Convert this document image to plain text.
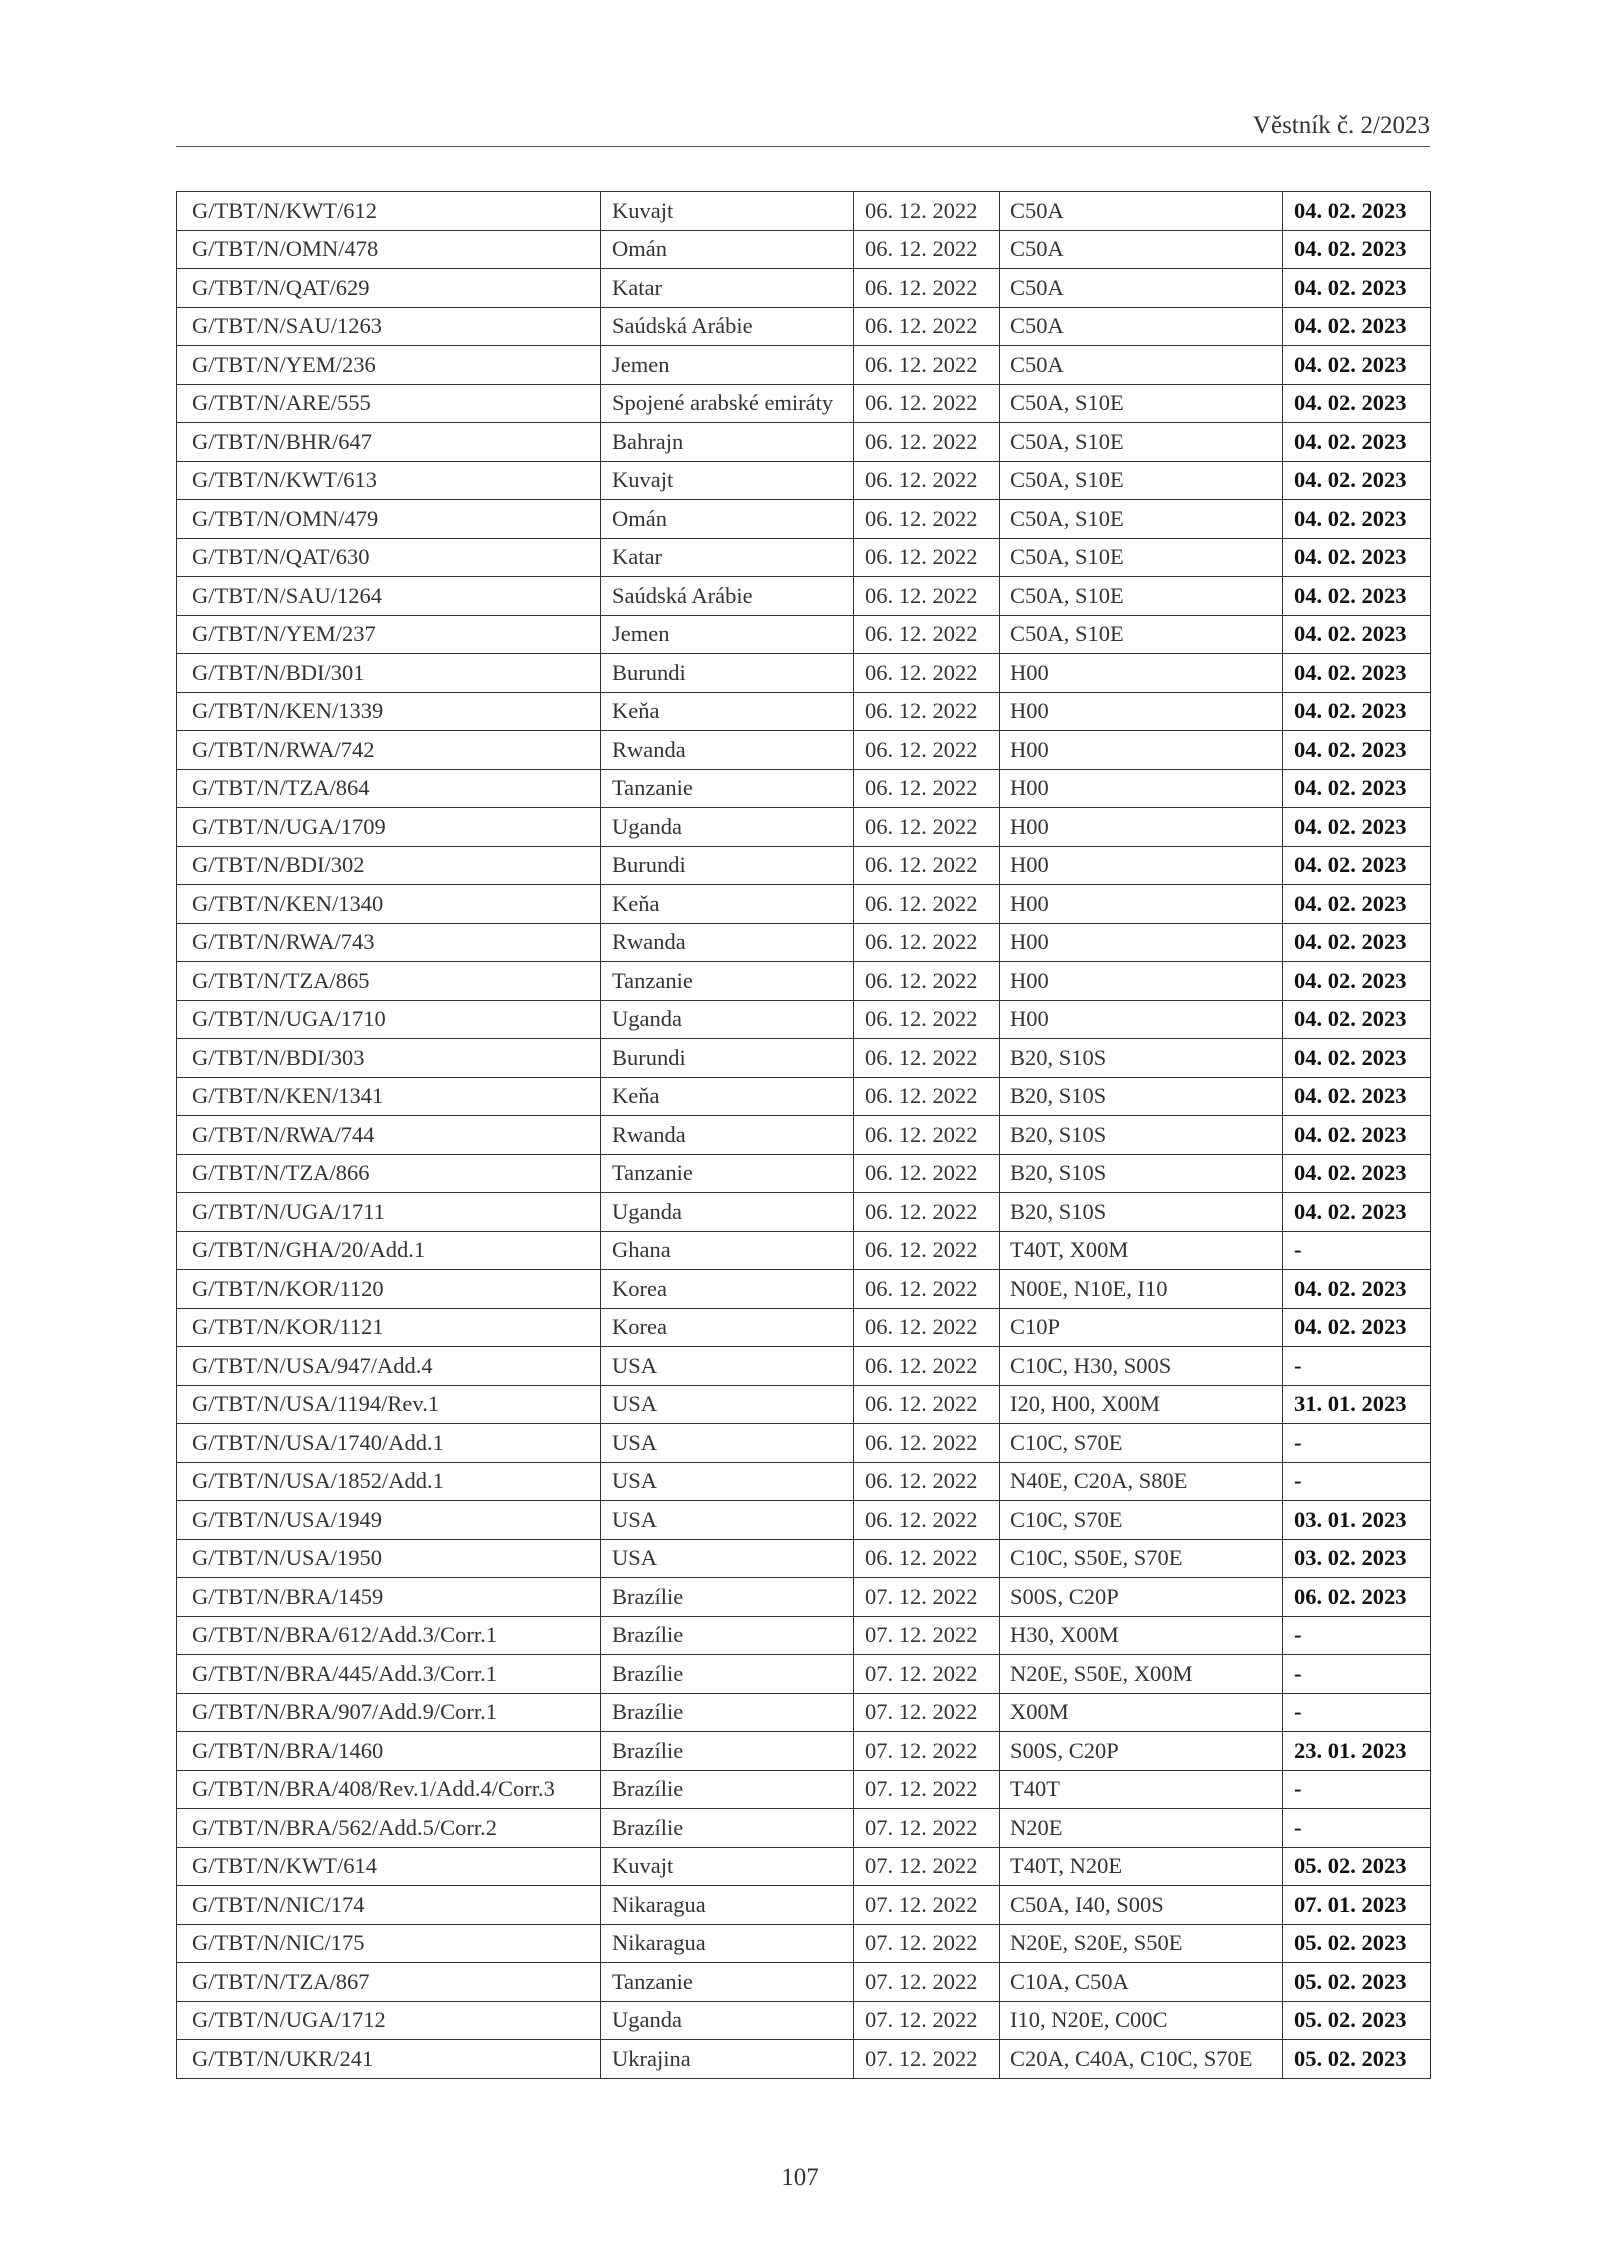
Věstník č. 2/2023
G/TBT/N/KWT/612	Kuvajt	06. 12. 2022	C50A	04. 02. 2023
G/TBT/N/OMN/478	Omán	06. 12. 2022	C50A	04. 02. 2023
G/TBT/N/QAT/629	Katar	06. 12. 2022	C50A	04. 02. 2023
G/TBT/N/SAU/1263	Saúdská Arábie	06. 12. 2022	C50A	04. 02. 2023
G/TBT/N/YEM/236	Jemen	06. 12. 2022	C50A	04. 02. 2023
G/TBT/N/ARE/555	Spojené arabské emiráty	06. 12. 2022	C50A, S10E	04. 02. 2023
G/TBT/N/BHR/647	Bahrajn	06. 12. 2022	C50A, S10E	04. 02. 2023
G/TBT/N/KWT/613	Kuvajt	06. 12. 2022	C50A, S10E	04. 02. 2023
G/TBT/N/OMN/479	Omán	06. 12. 2022	C50A, S10E	04. 02. 2023
G/TBT/N/QAT/630	Katar	06. 12. 2022	C50A, S10E	04. 02. 2023
G/TBT/N/SAU/1264	Saúdská Arábie	06. 12. 2022	C50A, S10E	04. 02. 2023
G/TBT/N/YEM/237	Jemen	06. 12. 2022	C50A, S10E	04. 02. 2023
G/TBT/N/BDI/301	Burundi	06. 12. 2022	H00	04. 02. 2023
G/TBT/N/KEN/1339	Keňa	06. 12. 2022	H00	04. 02. 2023
G/TBT/N/RWA/742	Rwanda	06. 12. 2022	H00	04. 02. 2023
G/TBT/N/TZA/864	Tanzanie	06. 12. 2022	H00	04. 02. 2023
G/TBT/N/UGA/1709	Uganda	06. 12. 2022	H00	04. 02. 2023
G/TBT/N/BDI/302	Burundi	06. 12. 2022	H00	04. 02. 2023
G/TBT/N/KEN/1340	Keňa	06. 12. 2022	H00	04. 02. 2023
G/TBT/N/RWA/743	Rwanda	06. 12. 2022	H00	04. 02. 2023
G/TBT/N/TZA/865	Tanzanie	06. 12. 2022	H00	04. 02. 2023
G/TBT/N/UGA/1710	Uganda	06. 12. 2022	H00	04. 02. 2023
G/TBT/N/BDI/303	Burundi	06. 12. 2022	B20, S10S	04. 02. 2023
G/TBT/N/KEN/1341	Keňa	06. 12. 2022	B20, S10S	04. 02. 2023
G/TBT/N/RWA/744	Rwanda	06. 12. 2022	B20, S10S	04. 02. 2023
G/TBT/N/TZA/866	Tanzanie	06. 12. 2022	B20, S10S	04. 02. 2023
G/TBT/N/UGA/1711	Uganda	06. 12. 2022	B20, S10S	04. 02. 2023
G/TBT/N/GHA/20/Add.1	Ghana	06. 12. 2022	T40T, X00M	-
G/TBT/N/KOR/1120	Korea	06. 12. 2022	N00E, N10E, I10	04. 02. 2023
G/TBT/N/KOR/1121	Korea	06. 12. 2022	C10P	04. 02. 2023
G/TBT/N/USA/947/Add.4	USA	06. 12. 2022	C10C, H30, S00S	-
G/TBT/N/USA/1194/Rev.1	USA	06. 12. 2022	I20, H00, X00M	31. 01. 2023
G/TBT/N/USA/1740/Add.1	USA	06. 12. 2022	C10C, S70E	-
G/TBT/N/USA/1852/Add.1	USA	06. 12. 2022	N40E, C20A, S80E	-
G/TBT/N/USA/1949	USA	06. 12. 2022	C10C, S70E	03. 01. 2023
G/TBT/N/USA/1950	USA	06. 12. 2022	C10C, S50E, S70E	03. 02. 2023
G/TBT/N/BRA/1459	Brazílie	07. 12. 2022	S00S, C20P	06. 02. 2023
G/TBT/N/BRA/612/Add.3/Corr.1	Brazílie	07. 12. 2022	H30, X00M	-
G/TBT/N/BRA/445/Add.3/Corr.1	Brazílie	07. 12. 2022	N20E, S50E, X00M	-
G/TBT/N/BRA/907/Add.9/Corr.1	Brazílie	07. 12. 2022	X00M	-
G/TBT/N/BRA/1460	Brazílie	07. 12. 2022	S00S, C20P	23. 01. 2023
G/TBT/N/BRA/408/Rev.1/Add.4/Corr.3	Brazílie	07. 12. 2022	T40T	-
G/TBT/N/BRA/562/Add.5/Corr.2	Brazílie	07. 12. 2022	N20E	-
G/TBT/N/KWT/614	Kuvajt	07. 12. 2022	T40T, N20E	05. 02. 2023
G/TBT/N/NIC/174	Nikaragua	07. 12. 2022	C50A, I40, S00S	07. 01. 2023
G/TBT/N/NIC/175	Nikaragua	07. 12. 2022	N20E, S20E, S50E	05. 02. 2023
G/TBT/N/TZA/867	Tanzanie	07. 12. 2022	C10A, C50A	05. 02. 2023
G/TBT/N/UGA/1712	Uganda	07. 12. 2022	I10, N20E, C00C	05. 02. 2023
G/TBT/N/UKR/241	Ukrajina	07. 12. 2022	C20A, C40A, C10C, S70E	05. 02. 2023
107
